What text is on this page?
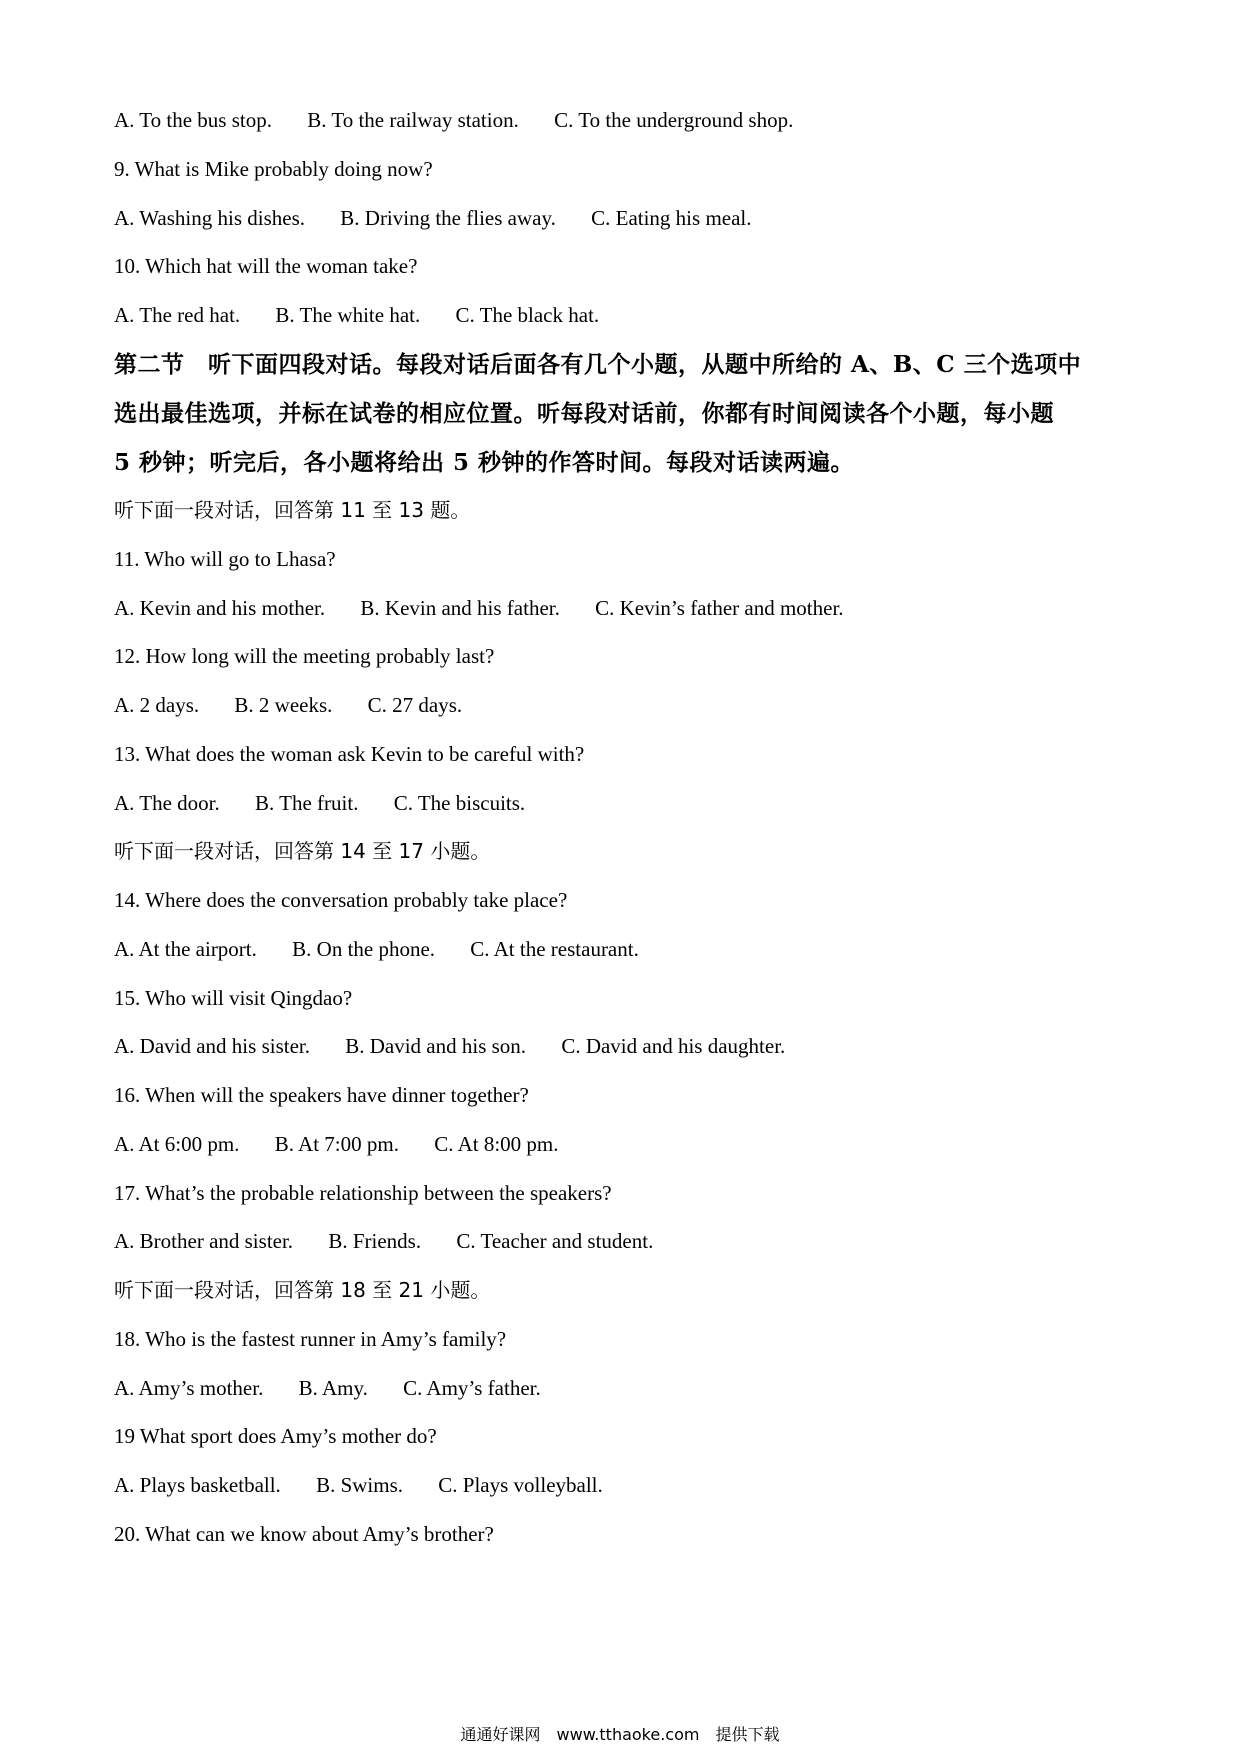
A. To the bus stop. B. To the railway station. C. To the underground shop.
9. What is Mike probably doing now?
A. Washing his dishes. B. Driving the flies away. C. Eating his meal.
10. Which hat will the woman take?
A. The red hat. B. The white hat. C. The black hat.
第二节　听下面四段对话。每段对话后面各有几个小题，从题中所给的 A、B、C 三个选项中
选出最佳选项，并标在试卷的相应位置。听每段对话前，你都有时间阅读各个小题，每小题
5 秒钟；听完后，各小题将给出 5 秒钟的作答时间。每段对话读两遍。
听下面一段对话，回答第 11 至 13 题。
11. Who will go to Lhasa?
A. Kevin and his mother. B. Kevin and his father. C. Kevin’s father and mother.
12. How long will the meeting probably last?
A. 2 days. B. 2 weeks. C. 27 days.
13. What does the woman ask Kevin to be careful with?
A. The door. B. The fruit. C. The biscuits.
听下面一段对话，回答第 14 至 17 小题。
14. Where does the conversation probably take place?
A. At the airport. B. On the phone. C. At the restaurant.
15. Who will visit Qingdao?
A. David and his sister. B. David and his son. C. David and his daughter.
16. When will the speakers have dinner together?
A. At 6:00 pm. B. At 7:00 pm. C. At 8:00 pm.
17. What’s the probable relationship between the speakers?
A. Brother and sister. B. Friends. C. Teacher and student.
听下面一段对话，回答第 18 至 21 小题。
18. Who is the fastest runner in Amy’s family?
A. Amy’s mother. B. Amy. C. Amy’s father.
19 What sport does Amy’s mother do?
A. Plays basketball. B. Swims. C. Plays volleyball.
20. What can we know about Amy’s brother?
通通好课网　www.tthaoke.com　提供下载
